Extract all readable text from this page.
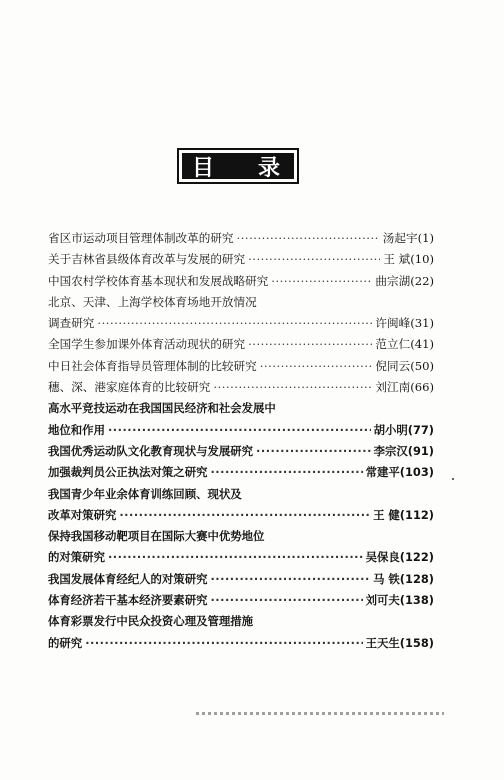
目 录
省区市运动项目管理体制改革的研究 ·····	汤起宇(1)
关于吉林省县级体育改革与发展的研究 ·····	王 斌(10)
中国农村学校体育基本现状和发展战略研究 ·····	曲宗湖(22)
北京、天津、上海学校体育场地开放情况
调查研究 ·····	许闽峰(31)
全国学生参加课外体育活动现状的研究 ·····	范立仁(41)
中日社会体育指导员管理体制的比较研究 ·····	倪同云(50)
穗、深、港家庭体育的比较研究 ·····	刘江南(66)
高水平竞技运动在我国国民经济和社会发展中
地位和作用 ·····	胡小明(77)
我国优秀运动队文化教育现状与发展研究 ·····	李宗汉(91)
加强裁判员公正执法对策之研究 ·····	常建平(103)
我国青少年业余体育训练回顾、现状及
改革对策研究 ·····	王 健(112)
保持我国移动靶项目在国际大赛中优势地位
的对策研究 ·····	吴保良(122)
我国发展体育经纪人的对策研究 ·····	马 铁(128)
体育经济若干基本经济要素研究 ·····	刘可夫(138)
体育彩票发行中民众投资心理及管理措施
的研究 ·····	王天生(158)
